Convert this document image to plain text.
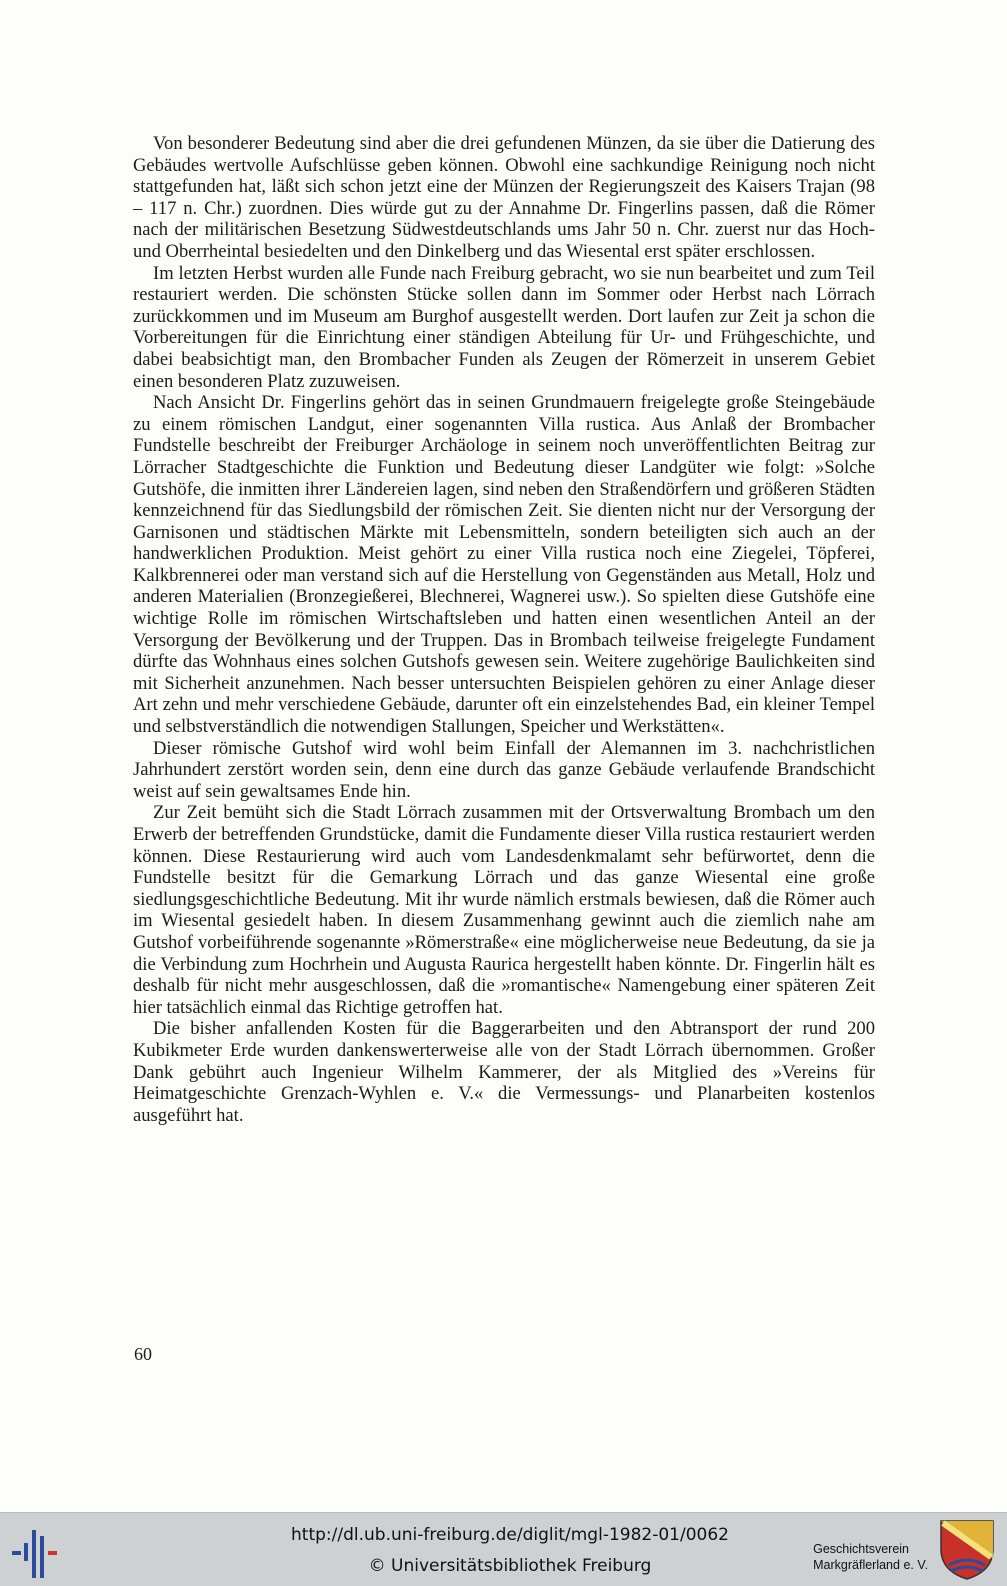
Von besonderer Bedeutung sind aber die drei gefundenen Münzen, da sie über die Datierung des Gebäudes wertvolle Aufschlüsse geben können. Obwohl eine sachkundige Reinigung noch nicht stattgefunden hat, läßt sich schon jetzt eine der Münzen der Regierungszeit des Kaisers Trajan (98 – 117 n. Chr.) zuordnen. Dies würde gut zu der Annahme Dr. Fingerlins passen, daß die Römer nach der militärischen Besetzung Südwestdeutschlands ums Jahr 50 n. Chr. zuerst nur das Hoch- und Oberrheintal besiedelten und den Dinkelberg und das Wiesental erst später erschlossen.

Im letzten Herbst wurden alle Funde nach Freiburg gebracht, wo sie nun bearbeitet und zum Teil restauriert werden. Die schönsten Stücke sollen dann im Sommer oder Herbst nach Lörrach zurückkommen und im Museum am Burghof ausgestellt werden. Dort laufen zur Zeit ja schon die Vorbereitungen für die Einrichtung einer ständigen Abteilung für Ur- und Frühgeschichte, und dabei beabsichtigt man, den Brombacher Funden als Zeugen der Römerzeit in unserem Gebiet einen besonderen Platz zuzuweisen.

Nach Ansicht Dr. Fingerlins gehört das in seinen Grundmauern freigelegte große Steingebäude zu einem römischen Landgut, einer sogenannten Villa rustica. Aus Anlaß der Brombacher Fundstelle beschreibt der Freiburger Archäologe in seinem noch unveröffentlichten Beitrag zur Lörracher Stadtgeschichte die Funktion und Bedeutung dieser Landgüter wie folgt: »Solche Gutshöfe, die inmitten ihrer Ländereien lagen, sind neben den Straßendörfern und größeren Städten kennzeichnend für das Siedlungsbild der römischen Zeit. Sie dienten nicht nur der Versorgung der Garnisonen und städtischen Märkte mit Lebensmitteln, sondern beteiligten sich auch an der handwerklichen Produktion. Meist gehört zu einer Villa rustica noch eine Ziegelei, Töpferei, Kalkbrennerei oder man verstand sich auf die Herstellung von Gegenständen aus Metall, Holz und anderen Materialien (Bronzegießerei, Blechnerei, Wagnerei usw.). So spielten diese Gutshöfe eine wichtige Rolle im römischen Wirtschaftsleben und hatten einen wesentlichen Anteil an der Versorgung der Bevölkerung und der Truppen. Das in Brombach teilweise freigelegte Fundament dürfte das Wohnhaus eines solchen Gutshofs gewesen sein. Weitere zugehörige Baulichkeiten sind mit Sicherheit anzunehmen. Nach besser untersuchten Beispielen gehören zu einer Anlage dieser Art zehn und mehr verschiedene Gebäude, darunter oft ein einzelstehendes Bad, ein kleiner Tempel und selbstverständlich die notwendigen Stallungen, Speicher und Werkstätten«.

Dieser römische Gutshof wird wohl beim Einfall der Alemannen im 3. nachchristlichen Jahrhundert zerstört worden sein, denn eine durch das ganze Gebäude verlaufende Brandschicht weist auf sein gewaltsames Ende hin.

Zur Zeit bemüht sich die Stadt Lörrach zusammen mit der Ortsverwaltung Brombach um den Erwerb der betreffenden Grundstücke, damit die Fundamente dieser Villa rustica restauriert werden können. Diese Restaurierung wird auch vom Landesdenkmalamt sehr befürwortet, denn die Fundstelle besitzt für die Gemarkung Lörrach und das ganze Wiesental eine große siedlungsgeschichtliche Bedeutung. Mit ihr wurde nämlich erstmals bewiesen, daß die Römer auch im Wiesental gesiedelt haben. In diesem Zusammenhang gewinnt auch die ziemlich nahe am Gutshof vorbeiführende sogenannte »Römerstraße« eine möglicherweise neue Bedeutung, da sie ja die Verbindung zum Hochrhein und Augusta Raurica hergestellt haben könnte. Dr. Fingerlin hält es deshalb für nicht mehr ausgeschlossen, daß die »romantische« Namengebung einer späteren Zeit hier tatsächlich einmal das Richtige getroffen hat.

Die bisher anfallenden Kosten für die Baggerarbeiten und den Abtransport der rund 200 Kubikmeter Erde wurden dankenswerterweise alle von der Stadt Lörrach übernommen. Großer Dank gebührt auch Ingenieur Wilhelm Kammerer, der als Mitglied des »Vereins für Heimatgeschichte Grenzach-Wyhlen e. V.« die Vermessungs- und Planarbeiten kostenlos ausgeführt hat.

60
http://dl.ub.uni-freiburg.de/diglit/mgl-1982-01/0062
© Universitätsbibliothek Freiburg
Geschichtsverein
Markgräflerland e. V.
